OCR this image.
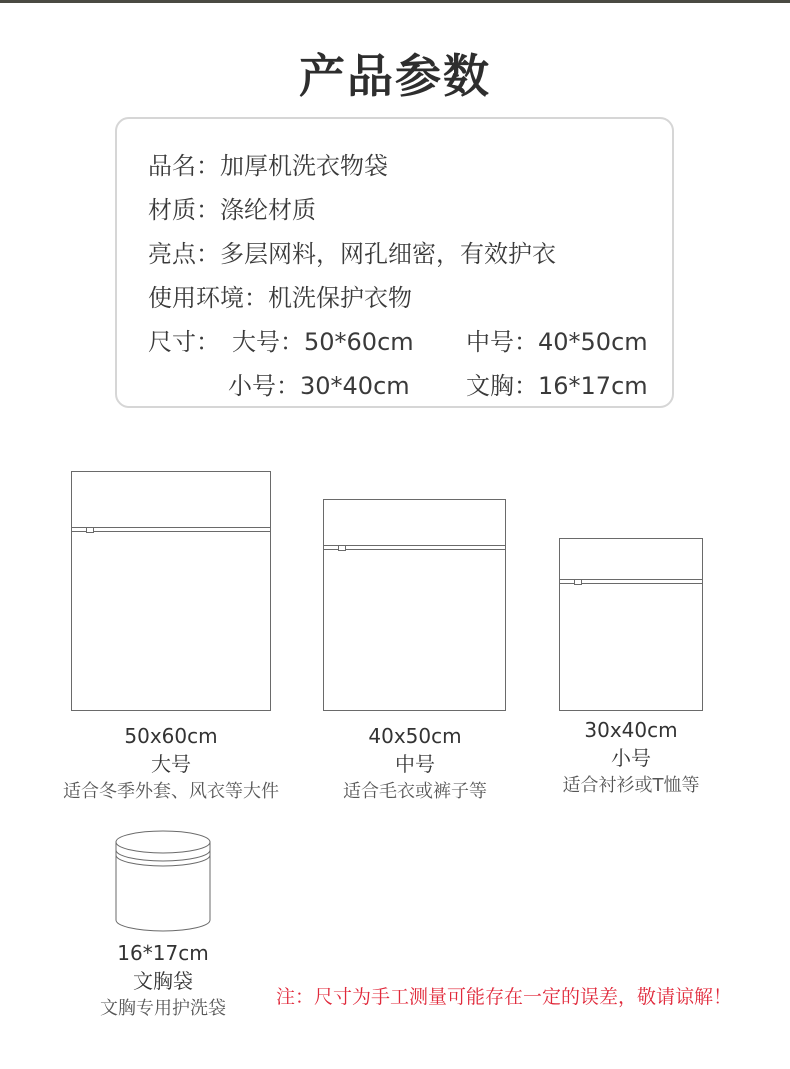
产品参数
品名：加厚机洗衣物袋
材质：涤纶材质
亮点：多层网料，网孔细密，有效护衣
使用环境：机洗保护衣物
尺寸： 大号：50*60cm 中号：40*50cm
小号：30*40cm 文胸：16*17cm
50x60cm
大号
适合冬季外套、风衣等大件
40x50cm
中号
适合毛衣或裤子等
30x40cm
小号
适合衬衫或T恤等
16*17cm
文胸袋
文胸专用护洗袋
注：尺寸为手工测量可能存在一定的误差，敬请谅解！
